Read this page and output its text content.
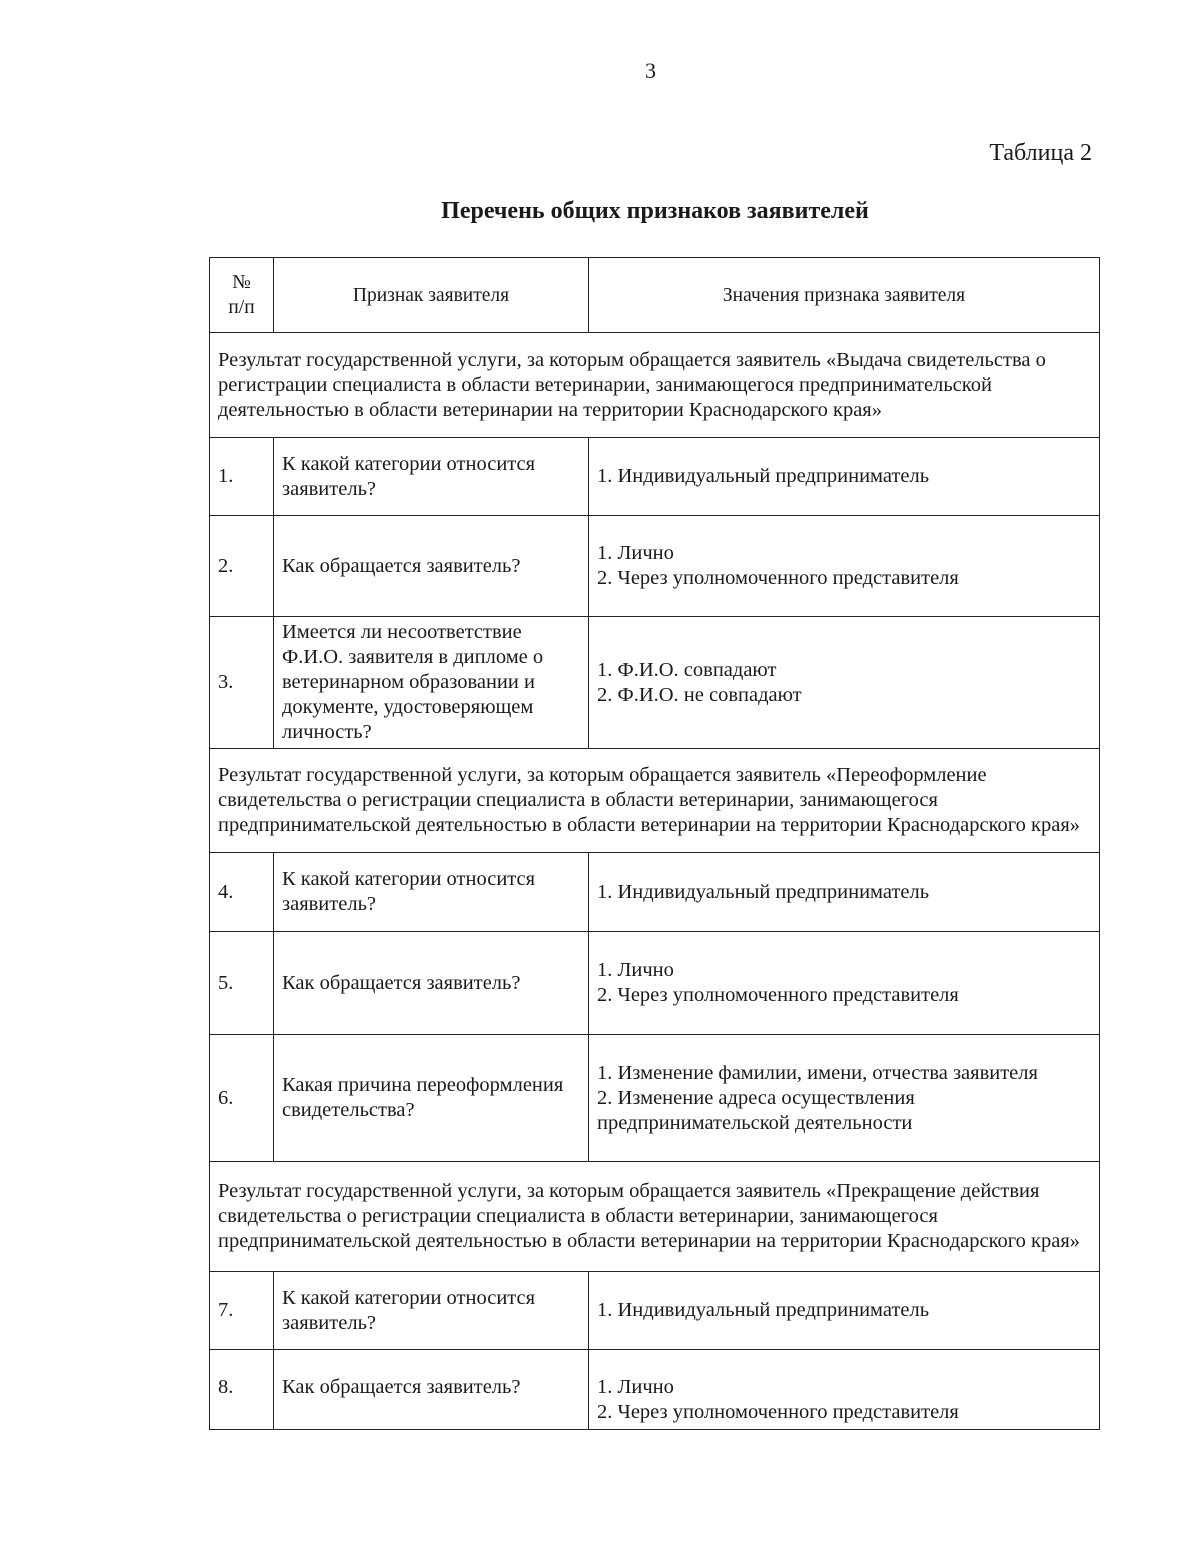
3
Таблица 2
Перечень общих признаков заявителей
№ п/п	Признак заявителя	Значения признака заявителя
Результат государственной услуги, за которым обращается заявитель «Выдача свидетельства о регистрации специалиста в области ветеринарии, занимающегося предпринимательской деятельностью в области ветеринарии на территории Краснодарского края»		
1.	К какой категории относится заявитель?	1. Индивидуальный предприниматель

2.	Как обращается заявитель?	1. Лично
2. Через уполномоченного представителя

3.	Имеется ли несоответствие Ф.И.О. заявителя в дипломе о ветеринарном образовании и документе, удостоверяющем личность?	1. Ф.И.О. совпадают
2. Ф.И.О. не совпадают

Результат государственной услуги, за которым обращается заявитель «Переоформление свидетельства о регистрации специалиста в области ветеринарии, занимающегося предпринимательской деятельностью в области ветеринарии на территории Краснодарского края»		
4.	К какой категории относится заявитель?	1. Индивидуальный предприниматель

5.	Как обращается заявитель?	1. Лично
2. Через уполномоченного представителя

6.	Какая причина переоформления свидетельства?	1. Изменение фамилии, имени, отчества заявителя
2. Изменение адреса осуществления предпринимательской деятельности

Результат государственной услуги, за которым обращается заявитель «Прекращение действия свидетельства о регистрации специалиста в области ветеринарии, занимающегося предпринимательской деятельностью в области ветеринарии на территории Краснодарского края»		
7.	К какой категории относится заявитель?	1. Индивидуальный предприниматель

8.	Как обращается заявитель?	1. Лично
2. Через уполномоченного представителя
